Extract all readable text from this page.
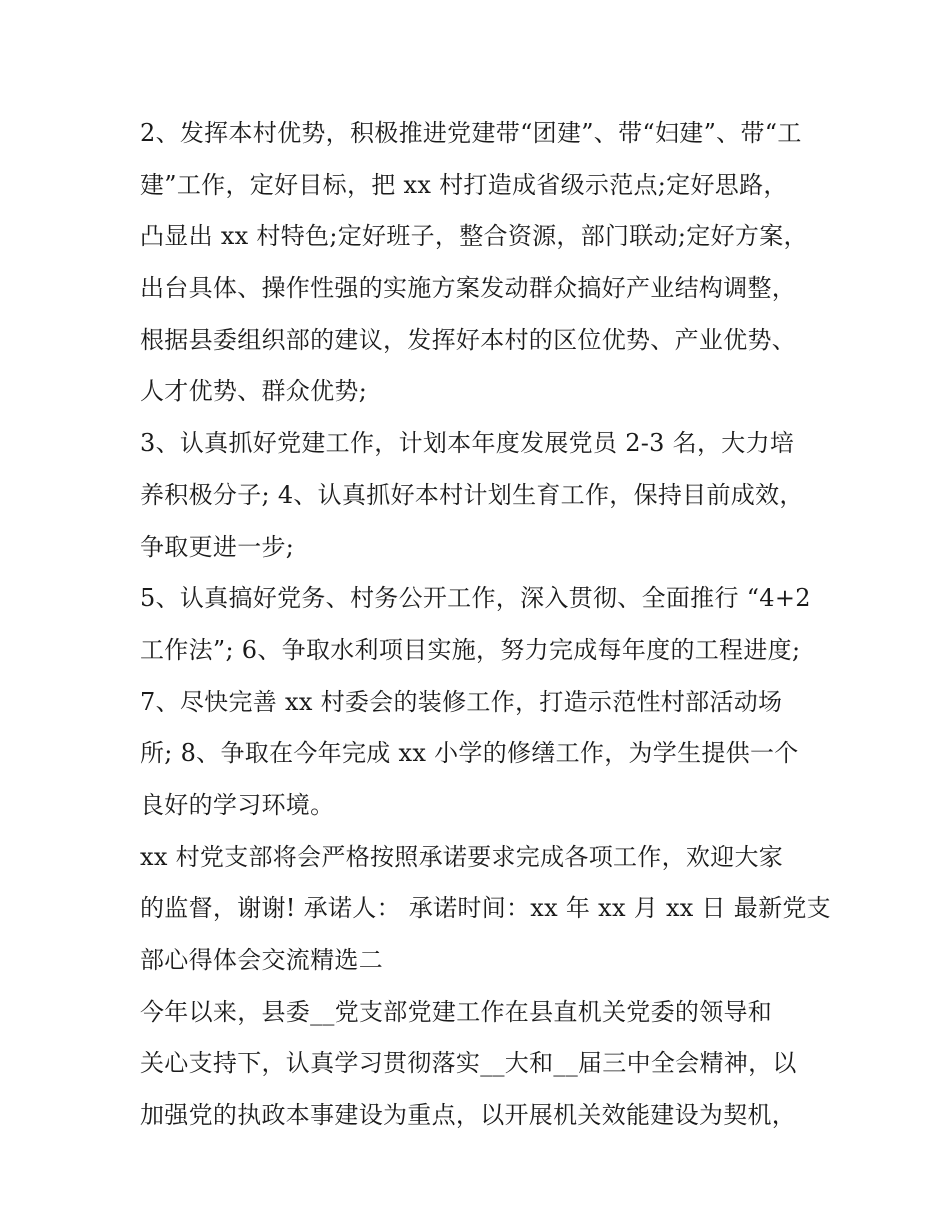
2、发挥本村优势，积极推进党建带“团建”、带“妇建”、带“工
建”工作，定好目标，把 xx 村打造成省级示范点;定好思路，
凸显出 xx 村特色;定好班子，整合资源，部门联动;定好方案，
出台具体、操作性强的实施方案发动群众搞好产业结构调整，
根据县委组织部的建议，发挥好本村的区位优势、产业优势、
人才优势、群众优势;
3、认真抓好党建工作，计划本年度发展党员 2-3 名，大力培
养积极分子; 4、认真抓好本村计划生育工作，保持目前成效，
争取更进一步;
5、认真搞好党务、村务公开工作，深入贯彻、全面推行 “4+2
工作法”; 6、争取水利项目实施，努力完成每年度的工程进度;
7、尽快完善 xx 村委会的装修工作，打造示范性村部活动场
所; 8、争取在今年完成 xx 小学的修缮工作，为学生提供一个
良好的学习环境。
xx 村党支部将会严格按照承诺要求完成各项工作，欢迎大家
的监督，谢谢! 承诺人： 承诺时间：xx 年 xx 月 xx 日 最新党支
部心得体会交流精选二
今年以来，县委__党支部党建工作在县直机关党委的领导和
关心支持下，认真学习贯彻落实__大和__届三中全会精神，以
加强党的执政本事建设为重点，以开展机关效能建设为契机，
